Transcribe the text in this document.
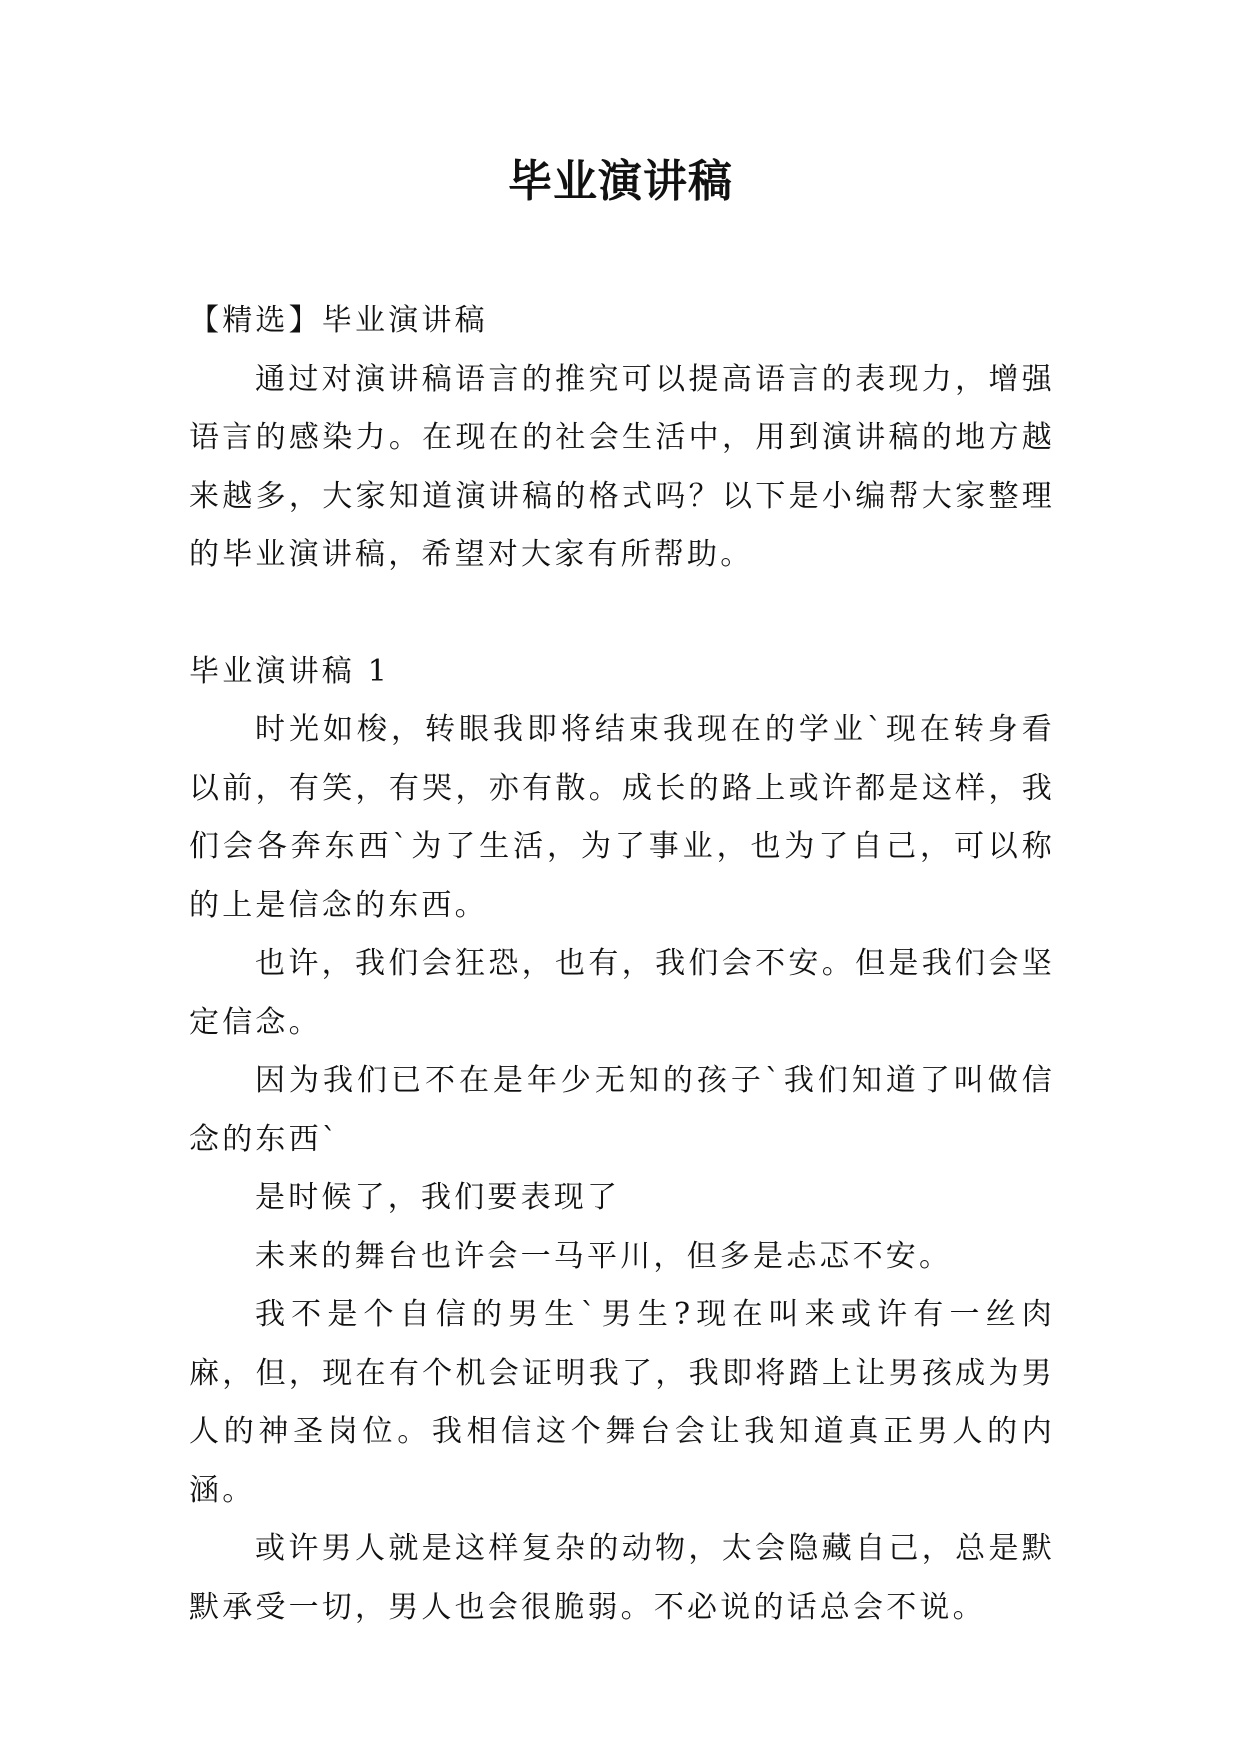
毕业演讲稿

【精选】毕业演讲稿

通过对演讲稿语言的推究可以提高语言的表现力，增强语言的感染力。在现在的社会生活中，用到演讲稿的地方越来越多，大家知道演讲稿的格式吗？以下是小编帮大家整理的毕业演讲稿，希望对大家有所帮助。

毕业演讲稿 1

时光如梭，转眼我即将结束我现在的学业`现在转身看以前，有笑，有哭，亦有散。成长的路上或许都是这样，我们会各奔东西`为了生活，为了事业，也为了自己，可以称的上是信念的东西。

也许，我们会狂恐，也有，我们会不安。但是我们会坚定信念。

因为我们已不在是年少无知的孩子`我们知道了叫做信念的东西`

是时候了，我们要表现了

未来的舞台也许会一马平川，但多是忐忑不安。

我不是个自信的男生`男生?现在叫来或许有一丝肉麻，但，现在有个机会证明我了，我即将踏上让男孩成为男人的神圣岗位。我相信这个舞台会让我知道真正男人的内涵。

或许男人就是这样复杂的动物，太会隐藏自己，总是默默承受一切，男人也会很脆弱。不必说的话总会不说。
